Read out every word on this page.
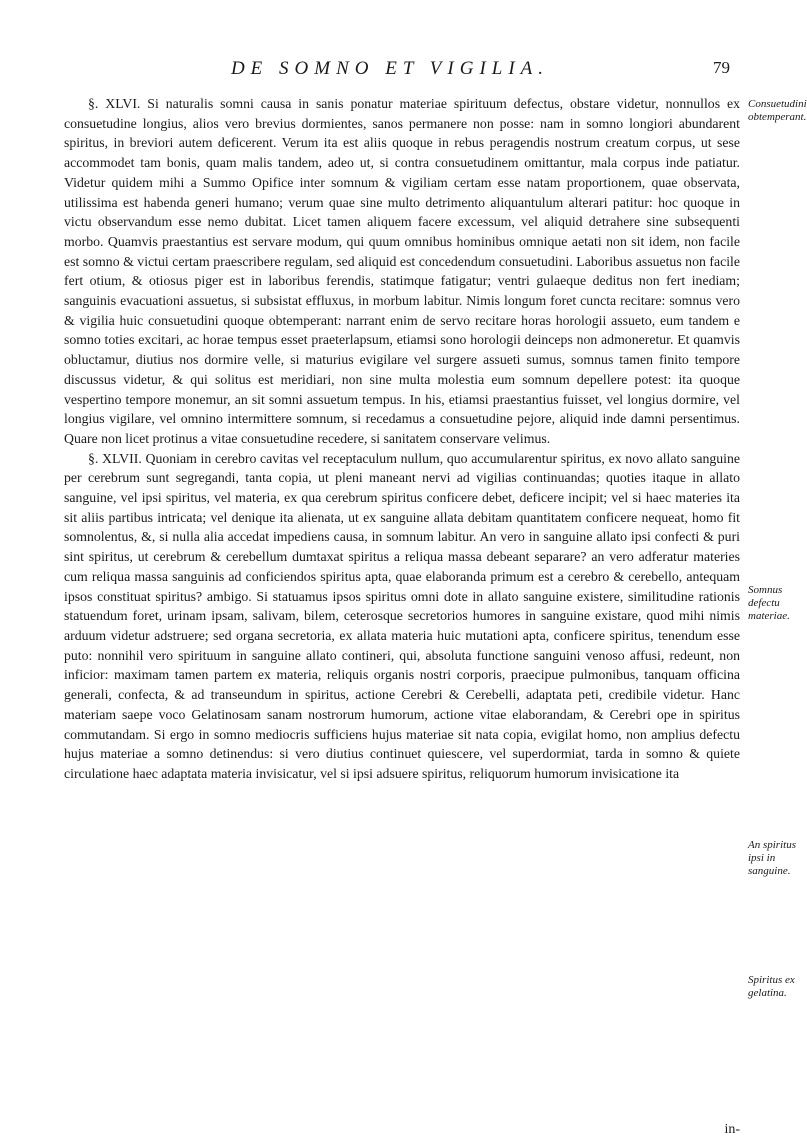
DE SOMNO ET VIGILIA.	79

§. XLVI. Si naturalis somni causa in sanis ponatur materiae spirituum defectus, obstare videtur, nonnullos ex consuetudine longius, alios vero brevius dormientes, sanos permanere non posse: nam in somno longiori abundarent spiritus, in breviori autem deficerent. Verum ita est aliis quoque in rebus peragendis nostrum creatum corpus, ut sese accommodet tam bonis, quam malis tandem, adeo ut, si contra consuetudinem omittantur, mala corpus inde patiatur. Videtur quidem mihi a Summo Opifice inter somnum & vigiliam certam esse natam proportionem, quae observata, utilissima est habenda generi humano; verum quae sine multo detrimento aliquantulum alterari patitur: hoc quoque in victu observandum esse nemo dubitat. Licet tamen aliquem facere excessum, vel aliquid detrahere sine subsequenti morbo. Quamvis praestantius est servare modum, qui quum omnibus hominibus omnique aetati non sit idem, non facile est somno & victui certam praescribere regulam, sed aliquid est concedendum consuetudini. Laboribus assuetus non facile fert otium, & otiosus piger est in laboribus ferendis, statimque fatigatur; ventri gulaeque deditus non fert inediam; sanguinis evacuationi assuetus, si subsistat effluxus, in morbum labitur. Nimis longum foret cuncta recitare: somnus vero & vigilia huic consuetudini quoque obtemperant: narrant enim de servo recitare horas horologii assueto, eum tandem e somno toties excitari, ac horae tempus esset praeterlapsum, etiamsi sono horologii deinceps non admoneretur. Et quamvis obluctamur, diutius nos dormire velle, si maturius evigilare vel surgere assueti sumus, somnus tamen finito tempore discussus videtur, & qui solitus est meridiari, non sine multa molestia eum somnum depellere potest: ita quoque vespertino tempore monemur, an sit somni assuetum tempus. In his, etiamsi praestantius fuisset, vel longius dormire, vel longius vigilare, vel omnino intermittere somnum, si recedamus a consuetudine pejore, aliquid inde damni persentimus. Quare non licet protinus a vitae consuetudine recedere, si sanitatem conservare velimus.

§. XLVII. Quoniam in cerebro cavitas vel receptaculum nullum, quo accumularentur spiritus, ex novo allato sanguine per cerebrum sunt segregandi, tanta copia, ut pleni maneant nervi ad vigilias continuandas; quoties itaque in allato sanguine, vel ipsi spiritus, vel materia, ex qua cerebrum spiritus conficere debet, deficere incipit; vel si haec materies ita sit aliis partibus intricata; vel denique ita alienata, ut ex sanguine allata debitam quantitatem conficere nequeat, homo fit somnolentus, &, si nulla alia accedat impediens causa, in somnum labitur. An vero in sanguine allato ipsi confecti & puri sint spiritus, ut cerebrum & cerebellum dumtaxat spiritus a reliqua massa debeant separare? an vero adferatur materies cum reliqua massa sanguinis ad conficiendos spiritus apta, quae elaboranda primum est a cerebro & cerebello, antequam ipsos constituat spiritus? ambigo. Si statuamus ipsos spiritus omni dote in allato sanguine existere, similitudine rationis statuendum foret, urinam ipsam, salivam, bilem, ceterosque secretorios humores in sanguine existare, quod mihi nimis arduum videtur adstruere; sed organa secretoria, ex allata materia huic mutationi apta, conficere spiritus, tenendum esse puto: nonnihil vero spirituum in sanguine allato contineri, qui, absoluta functione sanguini venoso affusi, redeunt, non inficior: maximam tamen partem ex materia, reliquis organis nostri corporis, praecipue pulmonibus, tanquam officina generali, confecta, & ad transeundum in spiritus, actione Cerebri & Cerebelli, adaptata peti, credibile videtur. Hanc materiam saepe voco Gelatinosam sanam nostrorum humorum, actione vitae elaborandam, & Cerebri ope in spiritus commutandam. Si ergo in somno mediocris sufficiens hujus materiae sit nata copia, evigilat homo, non amplius defectu hujus materiae a somno detinendus: si vero diutius continuet quiescere, vel superdormiat, tarda in somno & quiete circulatione haec adaptata materia invisicatur, vel si ipsi adsuere spiritus, reliquorum humorum invisicatione ita

Consuetudini obtemperant.
Somnus defectu materiae.
An spiritus ipsi in sanguine.
Spiritus ex gelatina.
in-
